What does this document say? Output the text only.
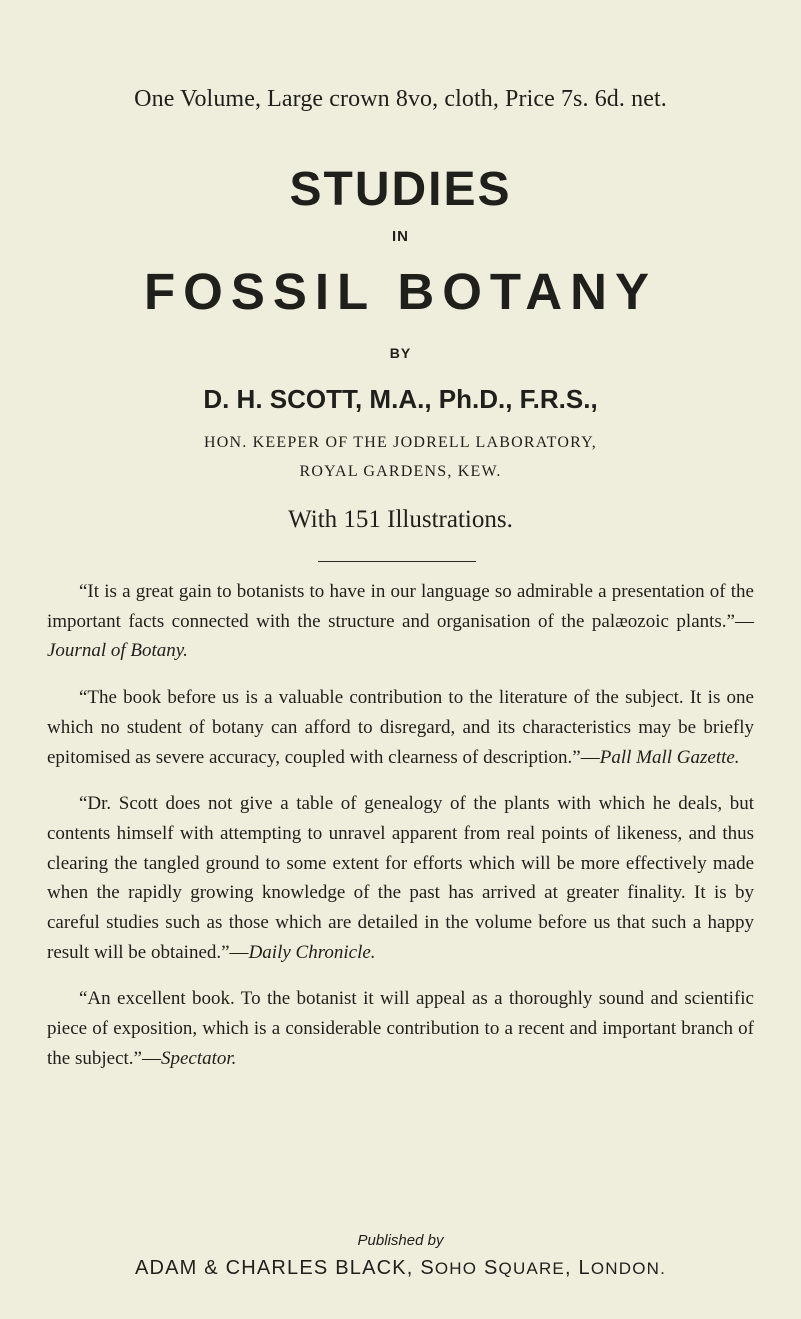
One Volume, Large crown 8vo, cloth, Price 7s. 6d. net.
STUDIES
IN
FOSSIL BOTANY
BY
D. H. SCOTT, M.A., Ph.D., F.R.S.,
HON. KEEPER OF THE JODRELL LABORATORY,
ROYAL GARDENS, KEW.
With 151 Illustrations.

“It is a great gain to botanists to have in our language so admirable a presentation of the important facts connected with the structure and organisation of the palæozoic plants.”—Journal of Botany.

“The book before us is a valuable contribution to the literature of the subject. It is one which no student of botany can afford to disregard, and its characteristics may be briefly epitomised as severe accuracy, coupled with clearness of description.”—Pall Mall Gazette.

“Dr. Scott does not give a table of genealogy of the plants with which he deals, but contents himself with attempting to unravel apparent from real points of likeness, and thus clearing the tangled ground to some extent for efforts which will be more effectively made when the rapidly growing knowledge of the past has arrived at greater finality. It is by careful studies such as those which are detailed in the volume before us that such a happy result will be obtained.”—Daily Chronicle.

“An excellent book. To the botanist it will appeal as a thoroughly sound and scientific piece of exposition, which is a considerable contribution to a recent and important branch of the subject.”—Spectator.

Published by
ADAM & CHARLES BLACK, SOHO SQUARE, LONDON.
